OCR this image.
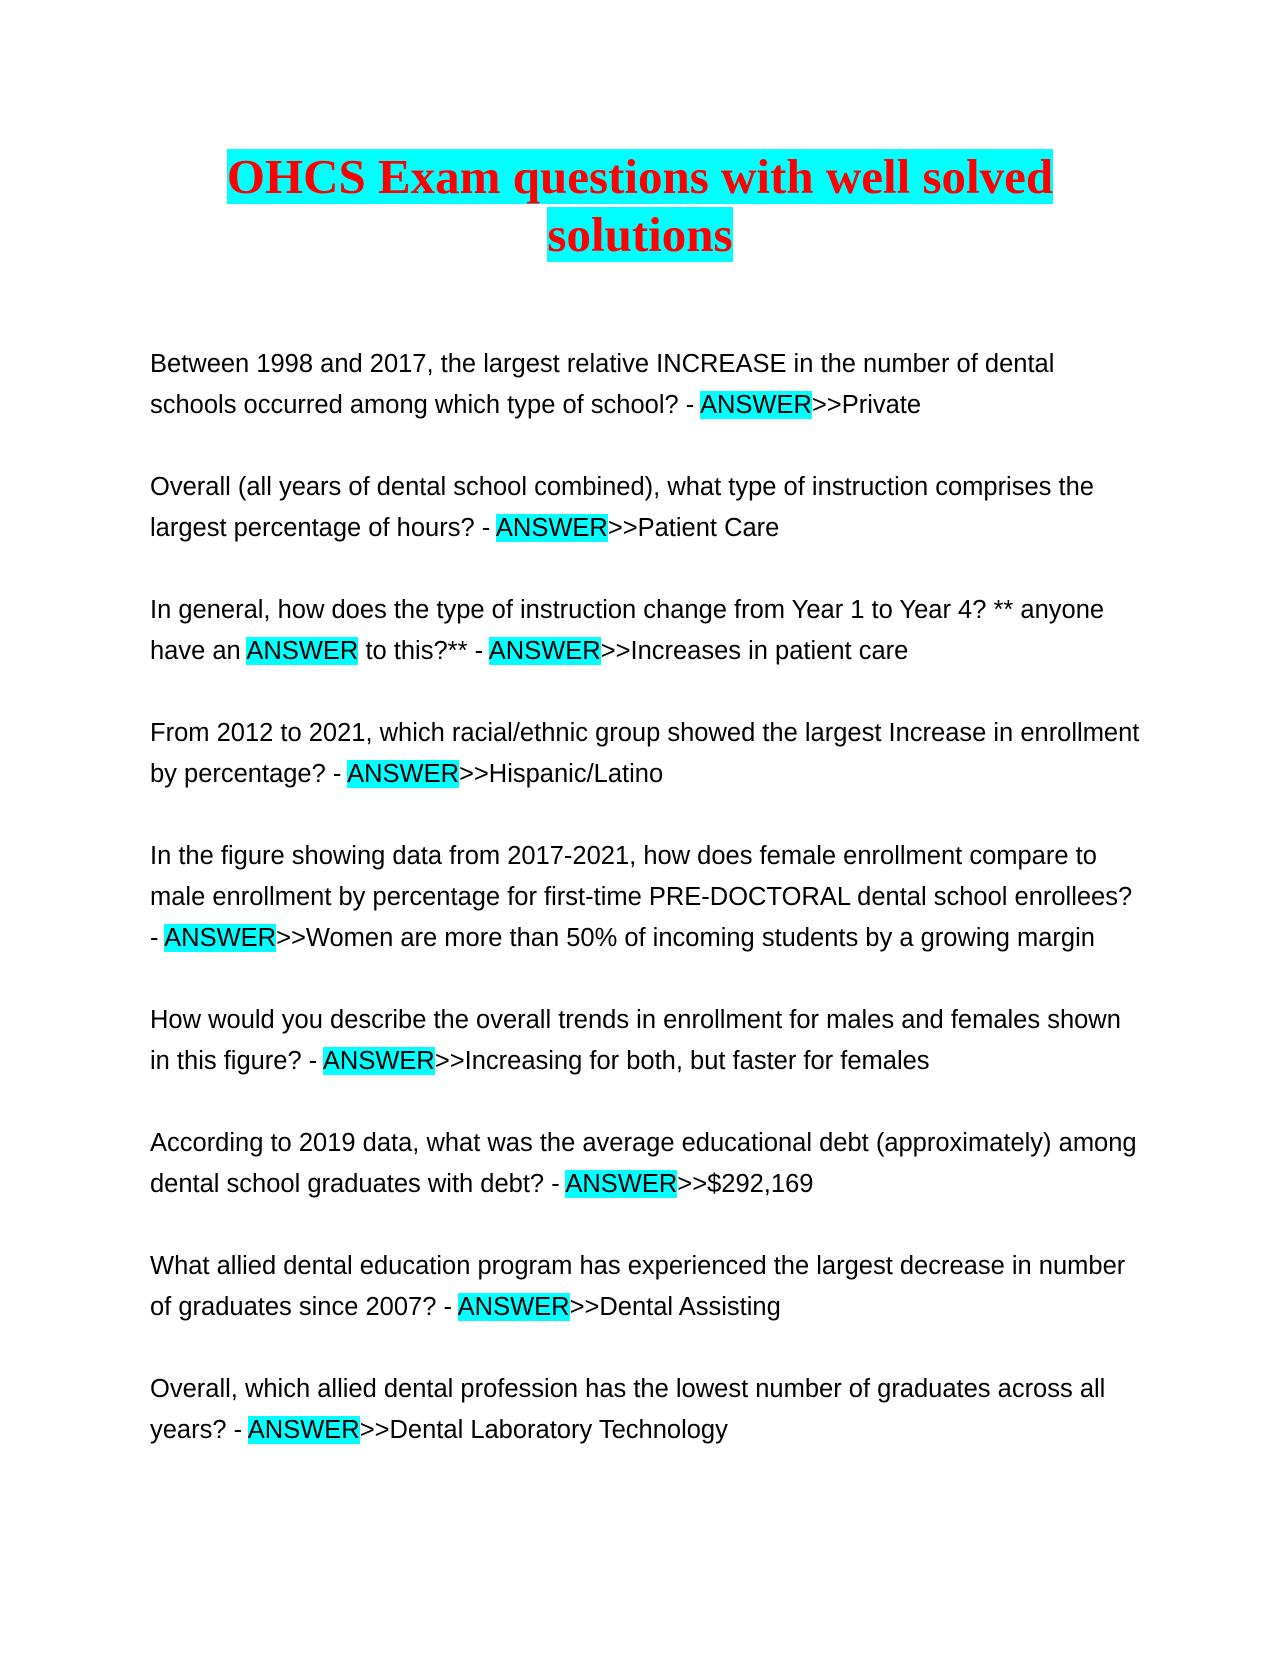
OHCS Exam questions with well solved
solutions

Between 1998 and 2017, the largest relative INCREASE in the number of dental schools occurred among which type of school? - ANSWER>>Private

Overall (all years of dental school combined), what type of instruction comprises the largest percentage of hours? - ANSWER>>Patient Care

In general, how does the type of instruction change from Year 1 to Year 4? ** anyone have an ANSWER to this?** - ANSWER>>Increases in patient care

From 2012 to 2021, which racial/ethnic group showed the largest Increase in enrollment by percentage? - ANSWER>>Hispanic/Latino

In the figure showing data from 2017-2021, how does female enrollment compare to male enrollment by percentage for first-time PRE-DOCTORAL dental school enrollees? - ANSWER>>Women are more than 50% of incoming students by a growing margin

How would you describe the overall trends in enrollment for males and females shown in this figure? - ANSWER>>Increasing for both, but faster for females

According to 2019 data, what was the average educational debt (approximately) among dental school graduates with debt? - ANSWER>>$292,169

What allied dental education program has experienced the largest decrease in number of graduates since 2007? - ANSWER>>Dental Assisting

Overall, which allied dental profession has the lowest number of graduates across all years? - ANSWER>>Dental Laboratory Technology
